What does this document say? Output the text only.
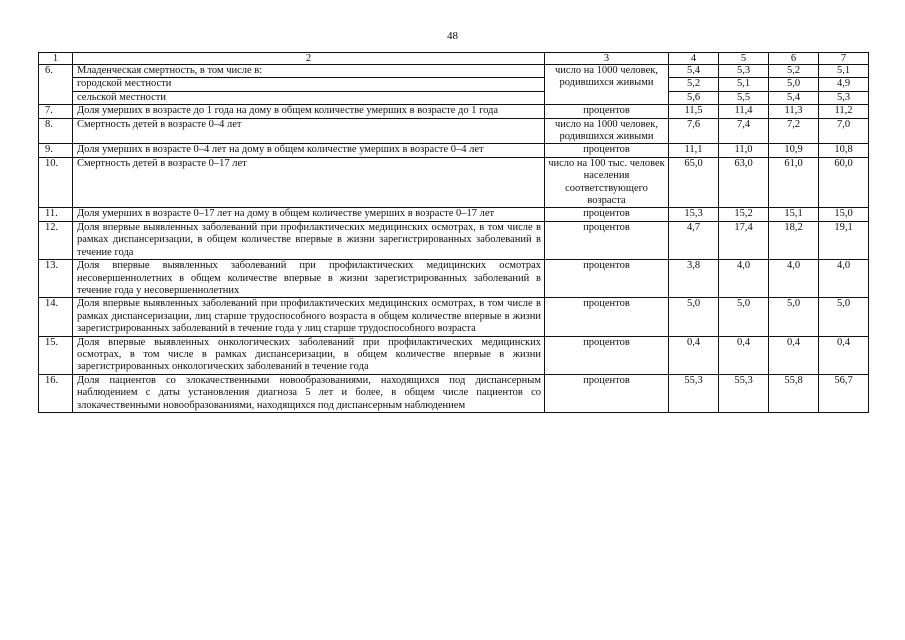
48
1	2	3	4	5	6	7
6.	Младенческая смертность, в том числе в:	число на 1000 человек, родившихся живыми	5,4	5,3	5,2	5,1
	городской местности		5,2	5,1	5,0	4,9
	сельской местности		5,6	5,5	5,4	5,3
7.	Доля умерших в возрасте до 1 года на дому в общем количестве умерших в возрасте до 1 года	процентов	11,5	11,4	11,3	11,2
8.	Смертность детей в возрасте 0–4 лет	число на 1000 человек, родившихся живыми	7,6	7,4	7,2	7,0
9.	Доля умерших в возрасте 0–4 лет на дому в общем количестве умерших в возрасте 0–4 лет	процентов	11,1	11,0	10,9	10,8
10.	Смертность детей в возрасте 0–17 лет	число на 100 тыс. человек населения соответствующего возраста	65,0	63,0	61,0	60,0
11.	Доля умерших в возрасте 0–17 лет на дому в общем количестве умерших в возрасте 0–17 лет	процентов	15,3	15,2	15,1	15,0
12.	Доля впервые выявленных заболеваний при профилактических медицинских осмотрах, в том числе в рамках диспансеризации, в общем количестве впервые в жизни зарегистрированных заболеваний в течение года	процентов	4,7	17,4	18,2	19,1
13.	Доля впервые выявленных заболеваний при профилактических медицинских осмотрах несовершеннолетних в общем количестве впервые в жизни зарегистрированных заболеваний в течение года у несовершеннолетних	процентов	3,8	4,0	4,0	4,0
14.	Доля впервые выявленных заболеваний при профилактических медицинских осмотрах, в том числе в рамках диспансеризации, лиц старше трудоспособного возраста в общем количестве впервые в жизни зарегистрированных заболеваний в течение года у лиц старше трудоспособного возраста	процентов	5,0	5,0	5,0	5,0
15.	Доля впервые выявленных онкологических заболеваний при профилактических медицинских осмотрах, в том числе в рамках диспансеризации, в общем количестве впервые в жизни зарегистрированных онкологических заболеваний в течение года	процентов	0,4	0,4	0,4	0,4
16.	Доля пациентов со злокачественными новообразованиями, находящихся под диспансерным наблюдением с даты установления диагноза 5 лет и более, в общем числе пациентов со злокачественными новообразованиями, находящихся под диспансерным наблюдением	процентов	55,3	55,3	55,8	56,7
